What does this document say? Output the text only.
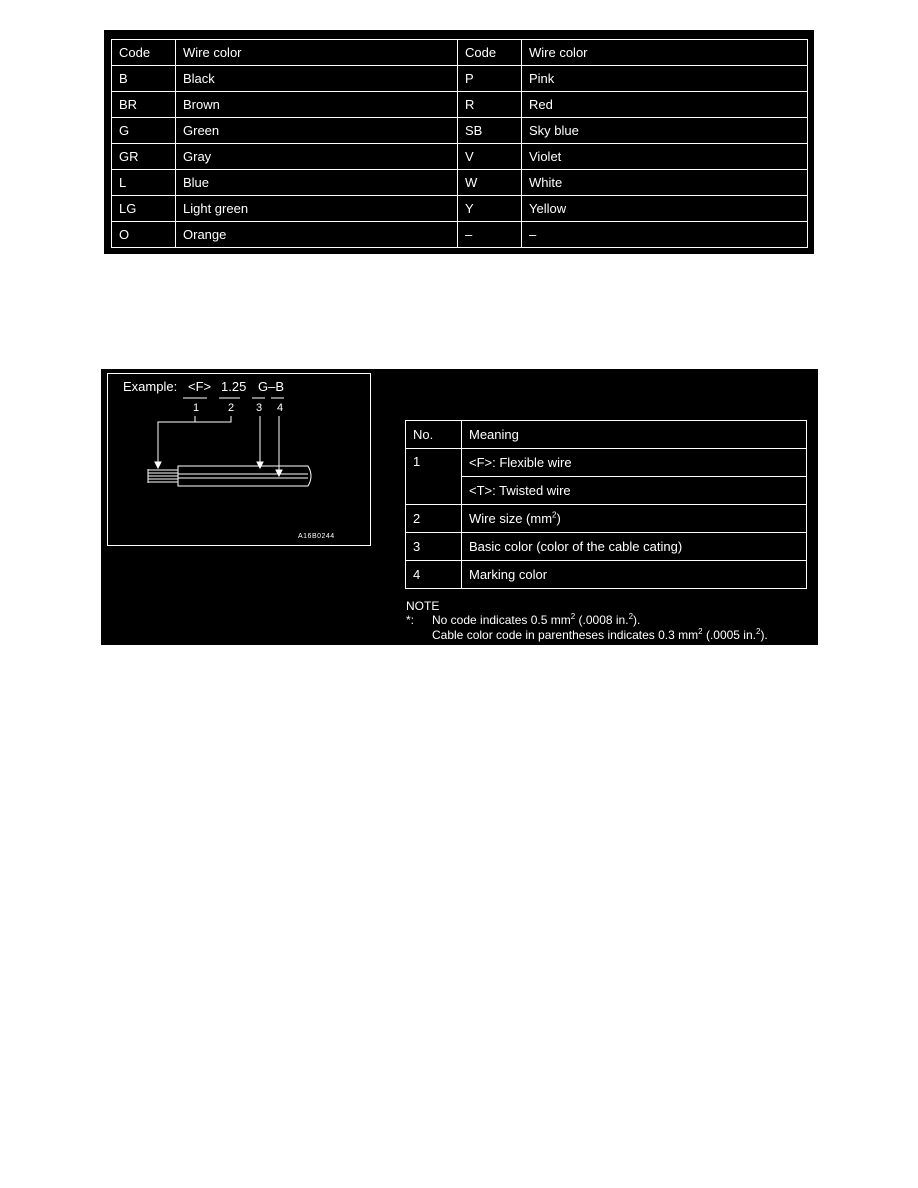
Code	Wire color	Code	Wire color
B	Black	P	Pink
BR	Brown	R	Red
G	Green	SB	Sky blue
GR	Gray	V	Violet
L	Blue	W	White
LG	Light green	Y	Yellow
O	Orange	–	–
Example: <F> 1.25 G–B
1	2 3 4
A16B0244
No.	Meaning
1	<F>: Flexible wire
	<T>: Twisted wire
2	Wire size $(mm^2)$
3	Basic color (color of the cable cating)
4	Marking color
NOTE
*:	No code indicates 0.5 $mm^2$ (.0008 in.$^2$).
Cable color code in parentheses indicates 0.3 $mm^2$ (.0005 in.$^2$).
